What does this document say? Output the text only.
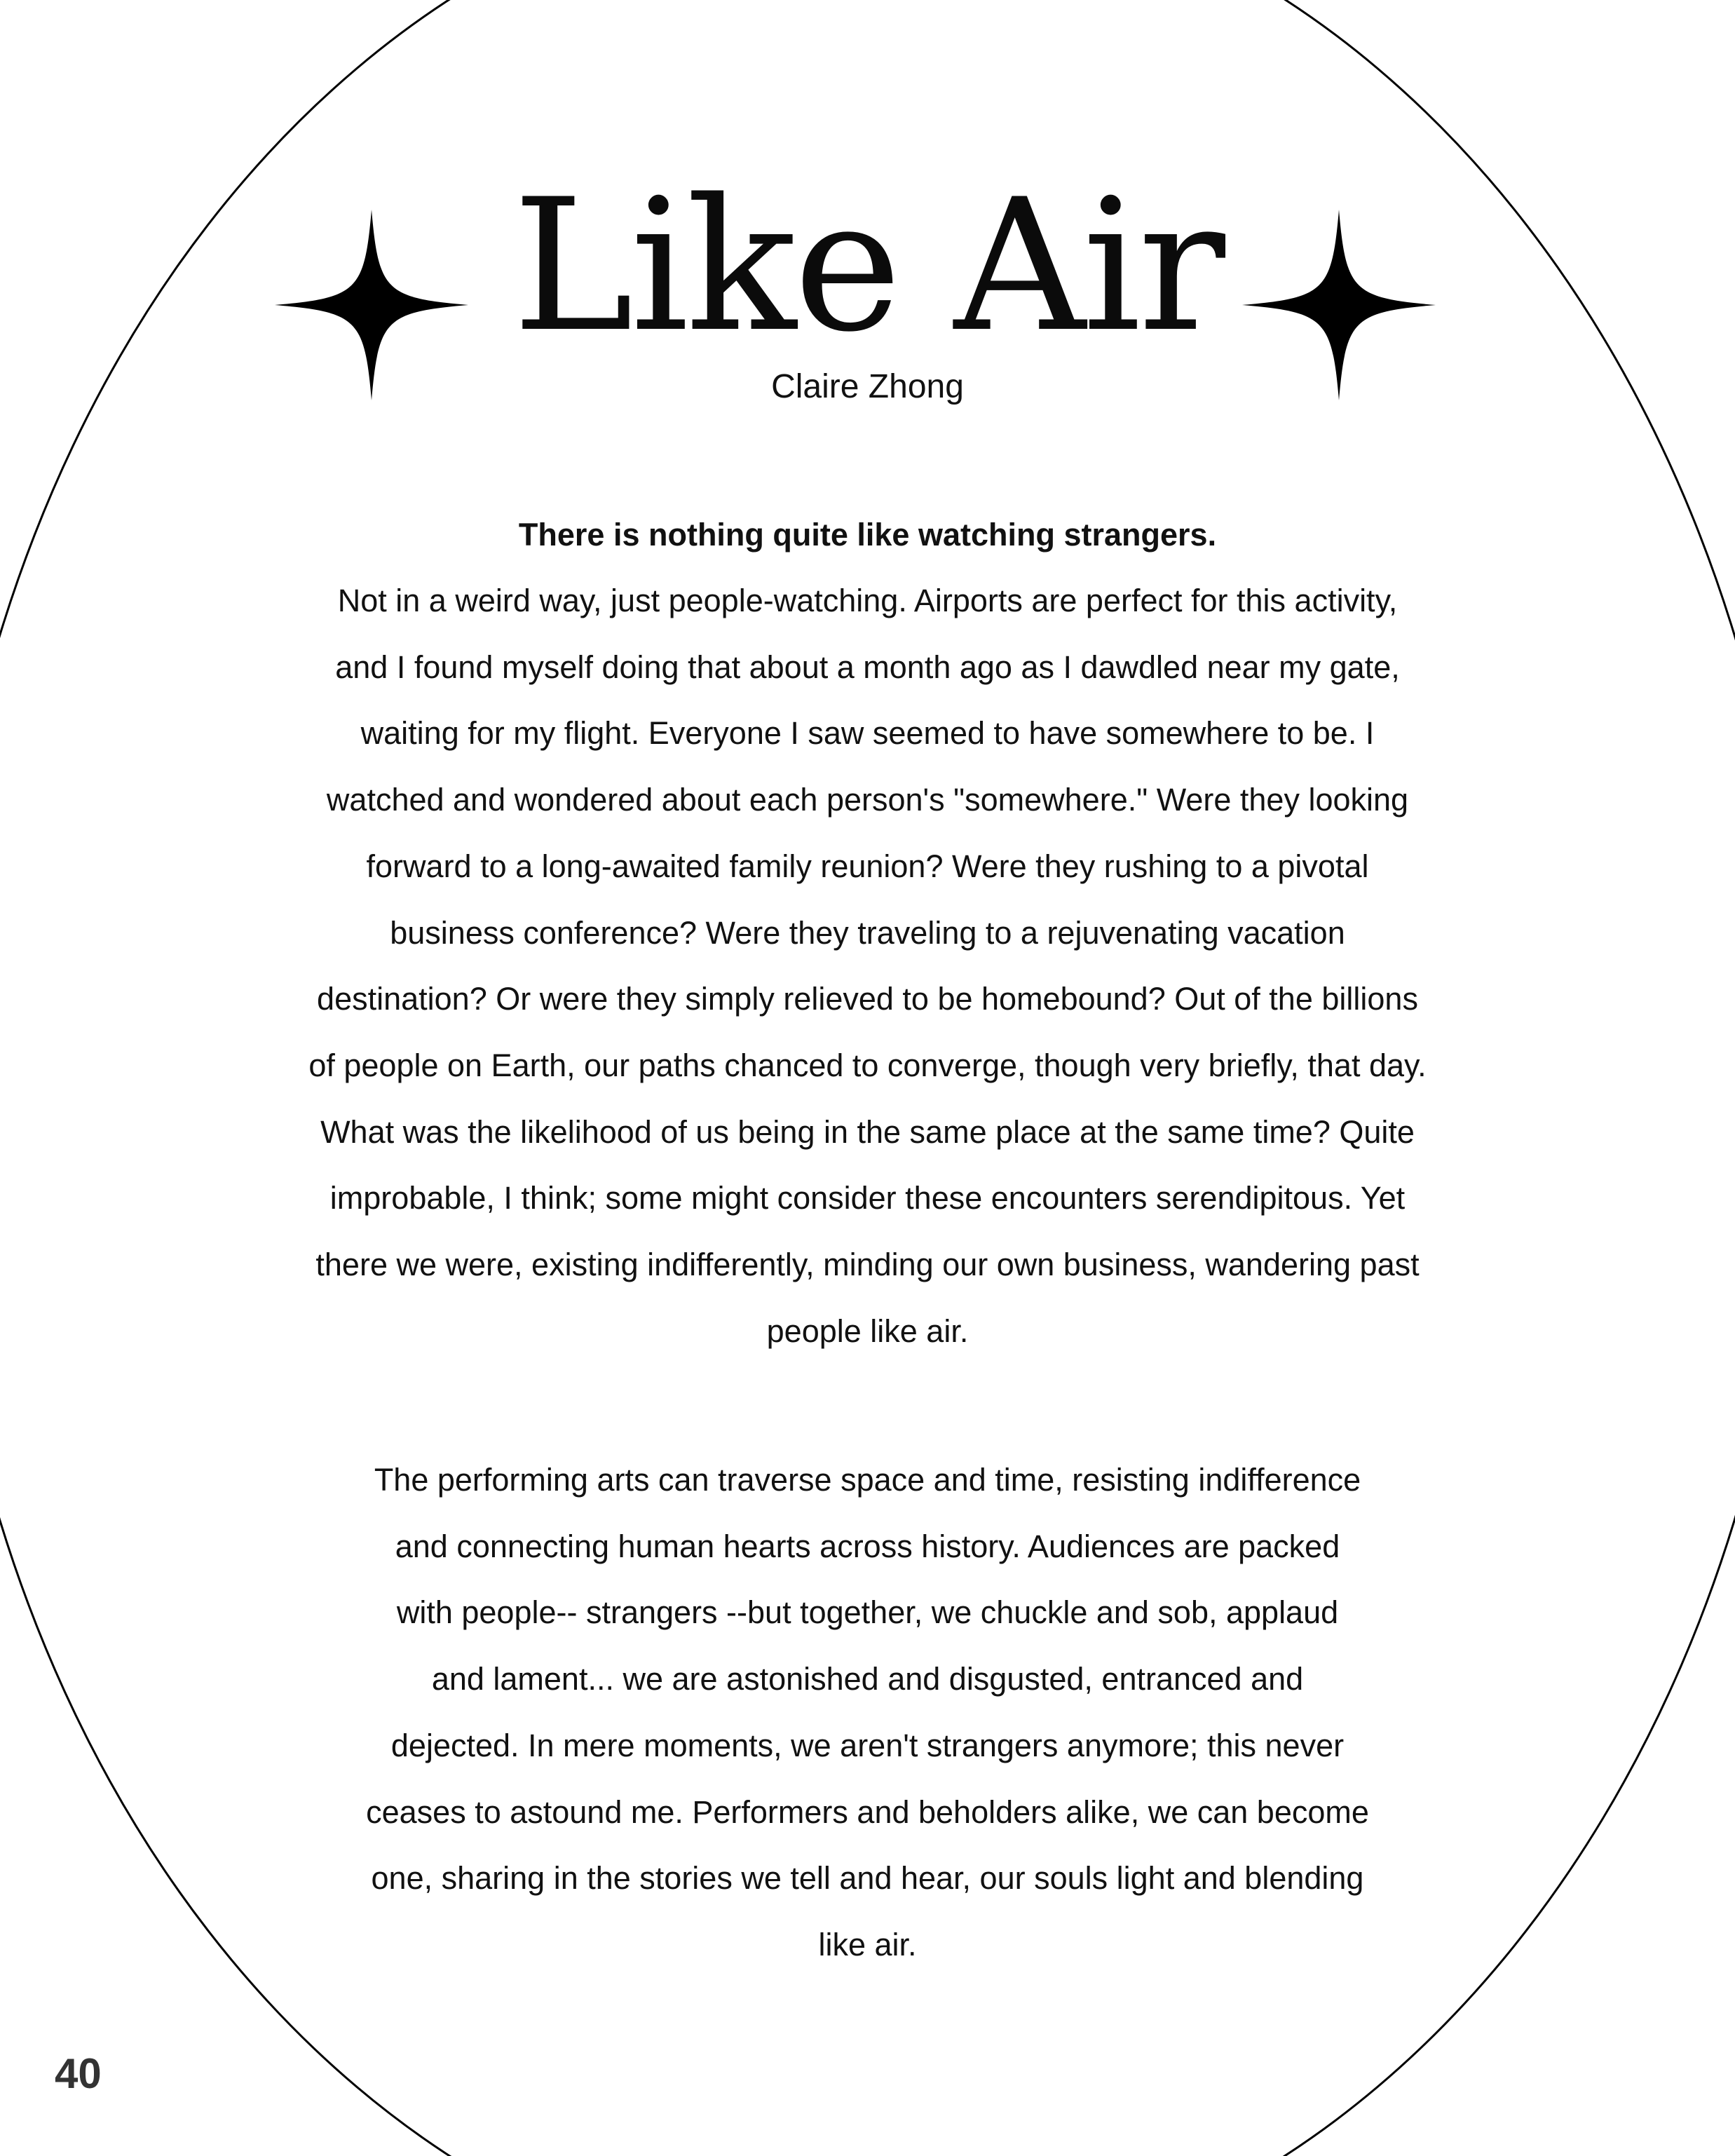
Like Air
Claire Zhong

There is nothing quite like watching strangers.

Not in a weird way, just people-watching. Airports are perfect for this activity,
and I found myself doing that about a month ago as I dawdled near my gate,
waiting for my flight. Everyone I saw seemed to have somewhere to be. I
watched and wondered about each person's "somewhere." Were they looking
forward to a long-awaited family reunion? Were they rushing to a pivotal
business conference? Were they traveling to a rejuvenating vacation
destination? Or were they simply relieved to be homebound? Out of the billions
of people on Earth, our paths chanced to converge, though very briefly, that day.
What was the likelihood of us being in the same place at the same time? Quite
improbable, I think; some might consider these encounters serendipitous. Yet
there we were, existing indifferently, minding our own business, wandering past
people like air.
The performing arts can traverse space and time, resisting indifference
and connecting human hearts across history. Audiences are packed
with people-- strangers --but together, we chuckle and sob, applaud
and lament... we are astonished and disgusted, entranced and
dejected. In mere moments, we aren't strangers anymore; this never
ceases to astound me. Performers and beholders alike, we can become
one, sharing in the stories we tell and hear, our souls light and blending
like air.
40
